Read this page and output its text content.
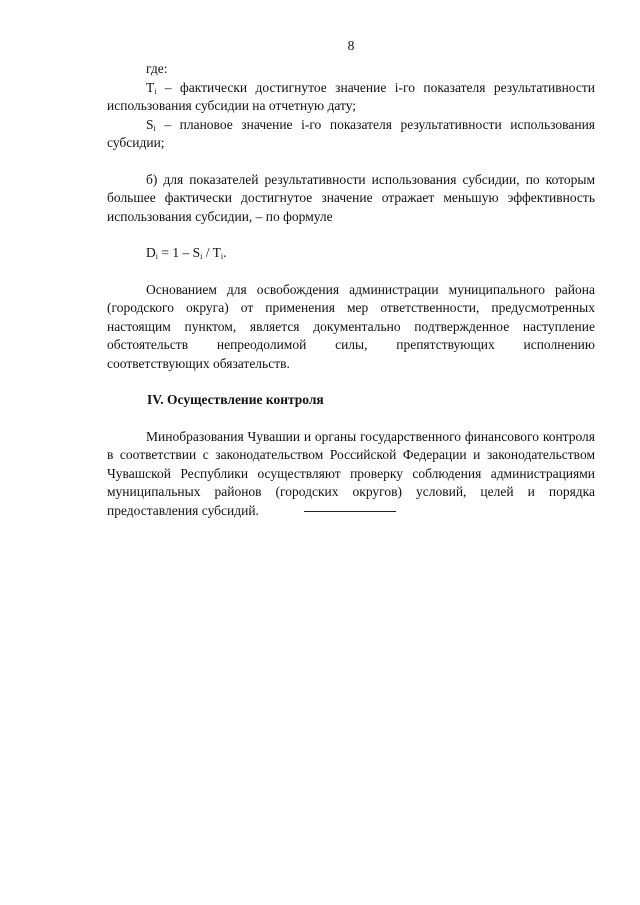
8

где:

$T_i$ – фактически достигнутое значение i-го показателя результативности использования субсидии на отчетную дату;

$S_i$ – плановое значение i-го показателя результативности использования субсидии;

б) для показателей результативности использования субсидии, по которым большее фактически достигнутое значение отражает меньшую эффективность использования субсидии, – по формуле

$D_i = 1 - S_i / T_i$.

Основанием для освобождения администрации муниципального района (городского округа) от применения мер ответственности, предусмотренных настоящим пунктом, является документально подтвержденное наступление обстоятельств непреодолимой силы, препятствующих исполнению соответствующих обязательств.

IV. Осуществление контроля

Минобразования Чувашии и органы государственного финансового контроля в соответствии с законодательством Российской Федерации и законодательством Чувашской Республики осуществляют проверку соблюдения администрациями муниципальных районов (городских округов) условий, целей и порядка предоставления субсидий.
